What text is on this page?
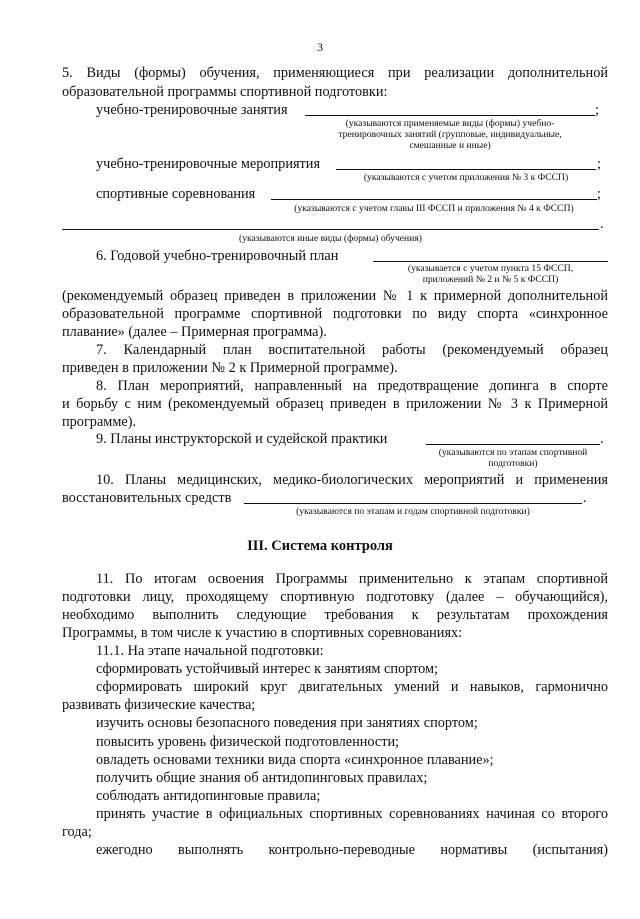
3
5. Виды (формы) обучения, применяющиеся при реализации дополнительной
образовательной программы спортивной подготовки:
учебно-тренировочные занятия	;
(указываются применяемые виды (формы) учебно-
тренировочных занятий (групповые, индивидуальные,
смешанные и иные)
учебно-тренировочные мероприятия	;
(указываются с учетом приложения № 3 к ФССП)
спортивные соревнования	;
(указываются с учетом главы III ФССП и приложения № 4 к ФССП)
.
(указываются иные виды (формы) обучения)
6. Годовой учебно-тренировочный план
(указывается с учетом пункта 15 ФССП,
приложений № 2 и № 5 к ФССП)
(рекомендуемый образец приведен в приложении № 1 к примерной дополнительной
образовательной программе спортивной подготовки по виду спорта «синхронное
плавание» (далее – Примерная программа).
7. Календарный план воспитательной работы (рекомендуемый образец
приведен в приложении № 2 к Примерной программе).
8. План мероприятий, направленный на предотвращение допинга в спорте
и борьбу с ним (рекомендуемый образец приведен в приложении № 3 к Примерной
программе).
9. Планы инструкторской и судейской практики	.
(указываются по этапам спортивной
подготовки)
10. Планы медицинских, медико-биологических мероприятий и применения
восстановительных средств	.
(указываются по этапам и годам спортивной подготовки)
III. Система контроля
11. По итогам освоения Программы применительно к этапам спортивной
подготовки лицу, проходящему спортивную подготовку (далее – обучающийся),
необходимо выполнить следующие требования к результатам прохождения
Программы, в том числе к участию в спортивных соревнованиях:
11.1. На этапе начальной подготовки:
сформировать устойчивый интерес к занятиям спортом;
сформировать широкий круг двигательных умений и навыков, гармонично
развивать физические качества;
изучить основы безопасного поведения при занятиях спортом;
повысить уровень физической подготовленности;
овладеть основами техники вида спорта «синхронное плавание»;
получить общие знания об антидопинговых правилах;
соблюдать антидопинговые правила;
принять участие в официальных спортивных соревнованиях начиная со второго
года;
ежегодно выполнять контрольно-переводные нормативы (испытания)
